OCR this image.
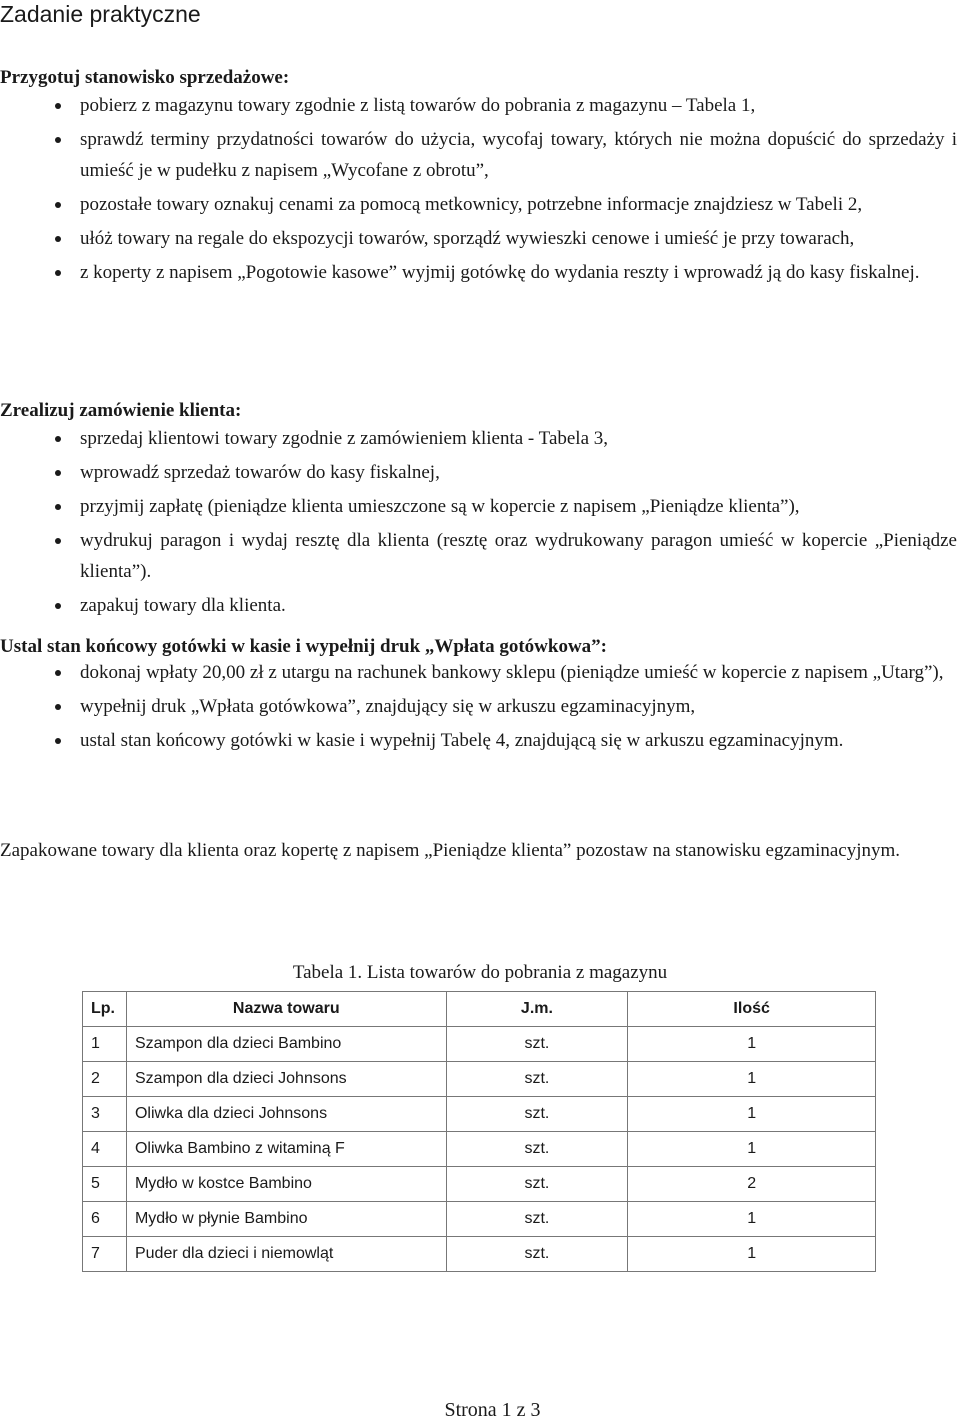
Zadanie praktyczne
Przygotuj stanowisko sprzedażowe:
pobierz z magazynu towary zgodnie z listą towarów do pobrania z magazynu – Tabela 1,
sprawdź terminy przydatności towarów do użycia, wycofaj towary, których nie można dopuścić do sprzedaży i umieść je w pudełku z napisem „Wycofane z obrotu”,
pozostałe towary oznakuj cenami za pomocą metkownicy, potrzebne informacje znajdziesz w Tabeli 2,
ułóż towary na regale do ekspozycji towarów, sporządź wywieszki cenowe i umieść je przy towarach,
z koperty z napisem „Pogotowie kasowe” wyjmij gotówkę do wydania reszty i wprowadź ją do kasy fiskalnej.
Zrealizuj zamówienie klienta:
sprzedaj klientowi towary zgodnie z zamówieniem klienta - Tabela 3,
wprowadź sprzedaż towarów do kasy fiskalnej,
przyjmij zapłatę (pieniądze klienta umieszczone są w kopercie z napisem „Pieniądze klienta”),
wydrukuj paragon i wydaj resztę dla klienta (resztę oraz wydrukowany paragon umieść w kopercie „Pieniądze klienta”).
zapakuj towary dla klienta.
Ustal stan końcowy gotówki w kasie i wypełnij druk „Wpłata gotówkowa”:
dokonaj wpłaty 20,00 zł z utargu na rachunek bankowy sklepu (pieniądze umieść w kopercie z napisem „Utarg”),
wypełnij druk „Wpłata gotówkowa”, znajdujący się w arkuszu egzaminacyjnym,
ustal stan końcowy gotówki w kasie i wypełnij Tabelę 4, znajdującą się w arkuszu egzaminacyjnym.

Zapakowane towary dla klienta oraz kopertę z napisem „Pieniądze klienta” pozostaw na stanowisku egzaminacyjnym.

Tabela 1. Lista towarów do pobrania z magazynu

Lp.	Nazwa towaru	J.m.	Ilość
1	Szampon dla dzieci Bambino	szt.	1
2	Szampon dla dzieci Johnsons	szt.	1
3	Oliwka dla dzieci Johnsons	szt.	1
4	Oliwka Bambino z witaminą F	szt.	1
5	Mydło w kostce Bambino	szt.	2
6	Mydło w płynie Bambino	szt.	1
7	Puder dla dzieci i niemowląt	szt.	1

Strona 1 z 3
